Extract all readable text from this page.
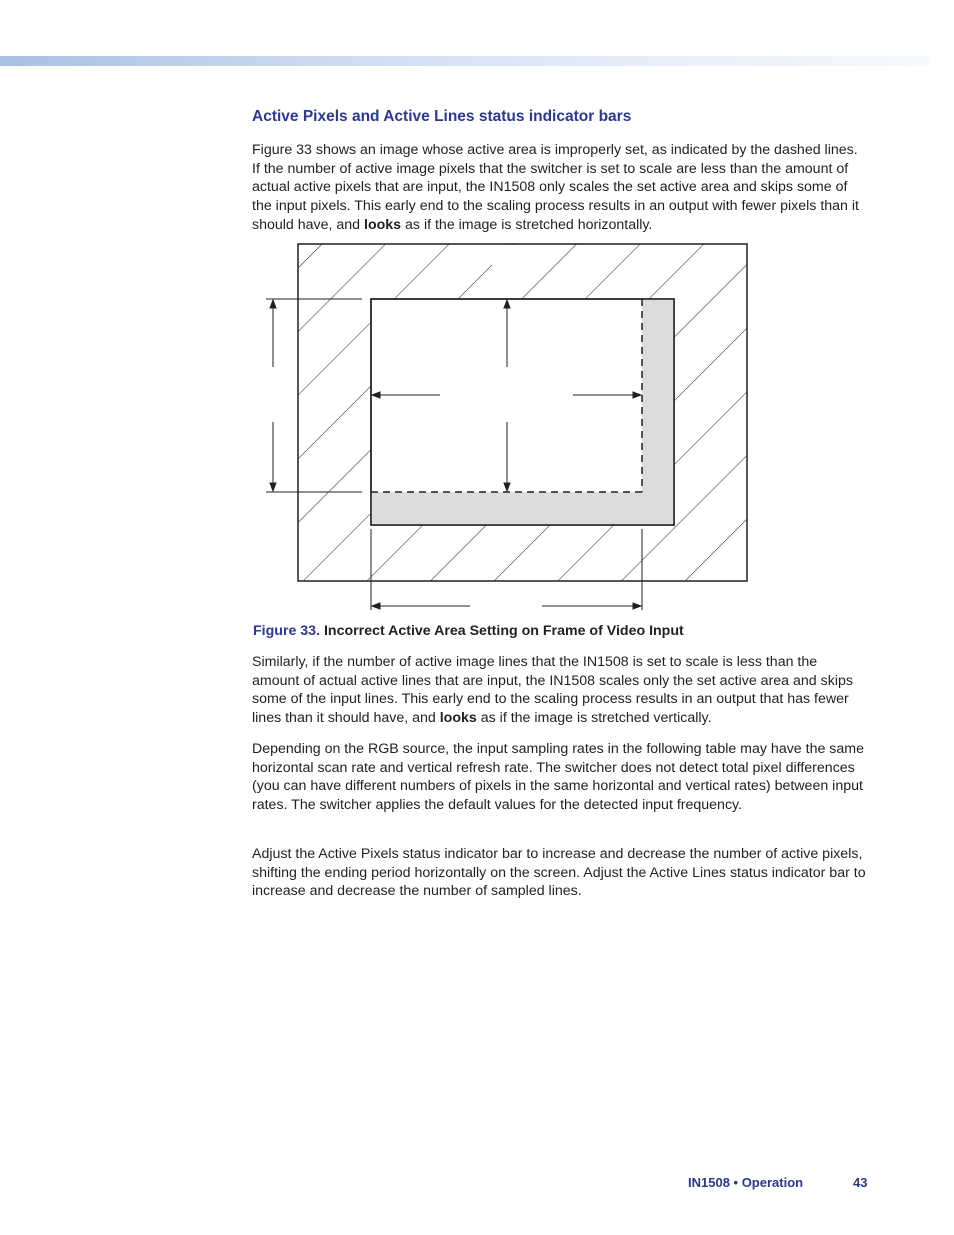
Active Pixels and Active Lines status indicator bars

Figure 33 shows an image whose active area is improperly set, as indicated by the dashed lines. If the number of active image pixels that the switcher is set to scale are less than the amount of actual active pixels that are input, the IN1508 only scales the set active area and skips some of the input pixels. This early end to the scaling process results in an output with fewer pixels than it should have, and looks as if the image is stretched horizontally.

Figure 33. Incorrect Active Area Setting on Frame of Video Input

Similarly, if the number of active image lines that the IN1508 is set to scale is less than the amount of actual active lines that are input, the IN1508 scales only the set active area and skips some of the input lines. This early end to the scaling process results in an output that has fewer lines than it should have, and looks as if the image is stretched vertically.

Depending on the RGB source, the input sampling rates in the following table may have the same horizontal scan rate and vertical refresh rate. The switcher does not detect total pixel differences (you can have different numbers of pixels in the same horizontal and vertical rates) between input rates. The switcher applies the default values for the detected input frequency.

Adjust the Active Pixels status indicator bar to increase and decrease the number of active pixels, shifting the ending period horizontally on the screen. Adjust the Active Lines status indicator bar to increase and decrease the number of sampled lines.

IN1508 • Operation	43
